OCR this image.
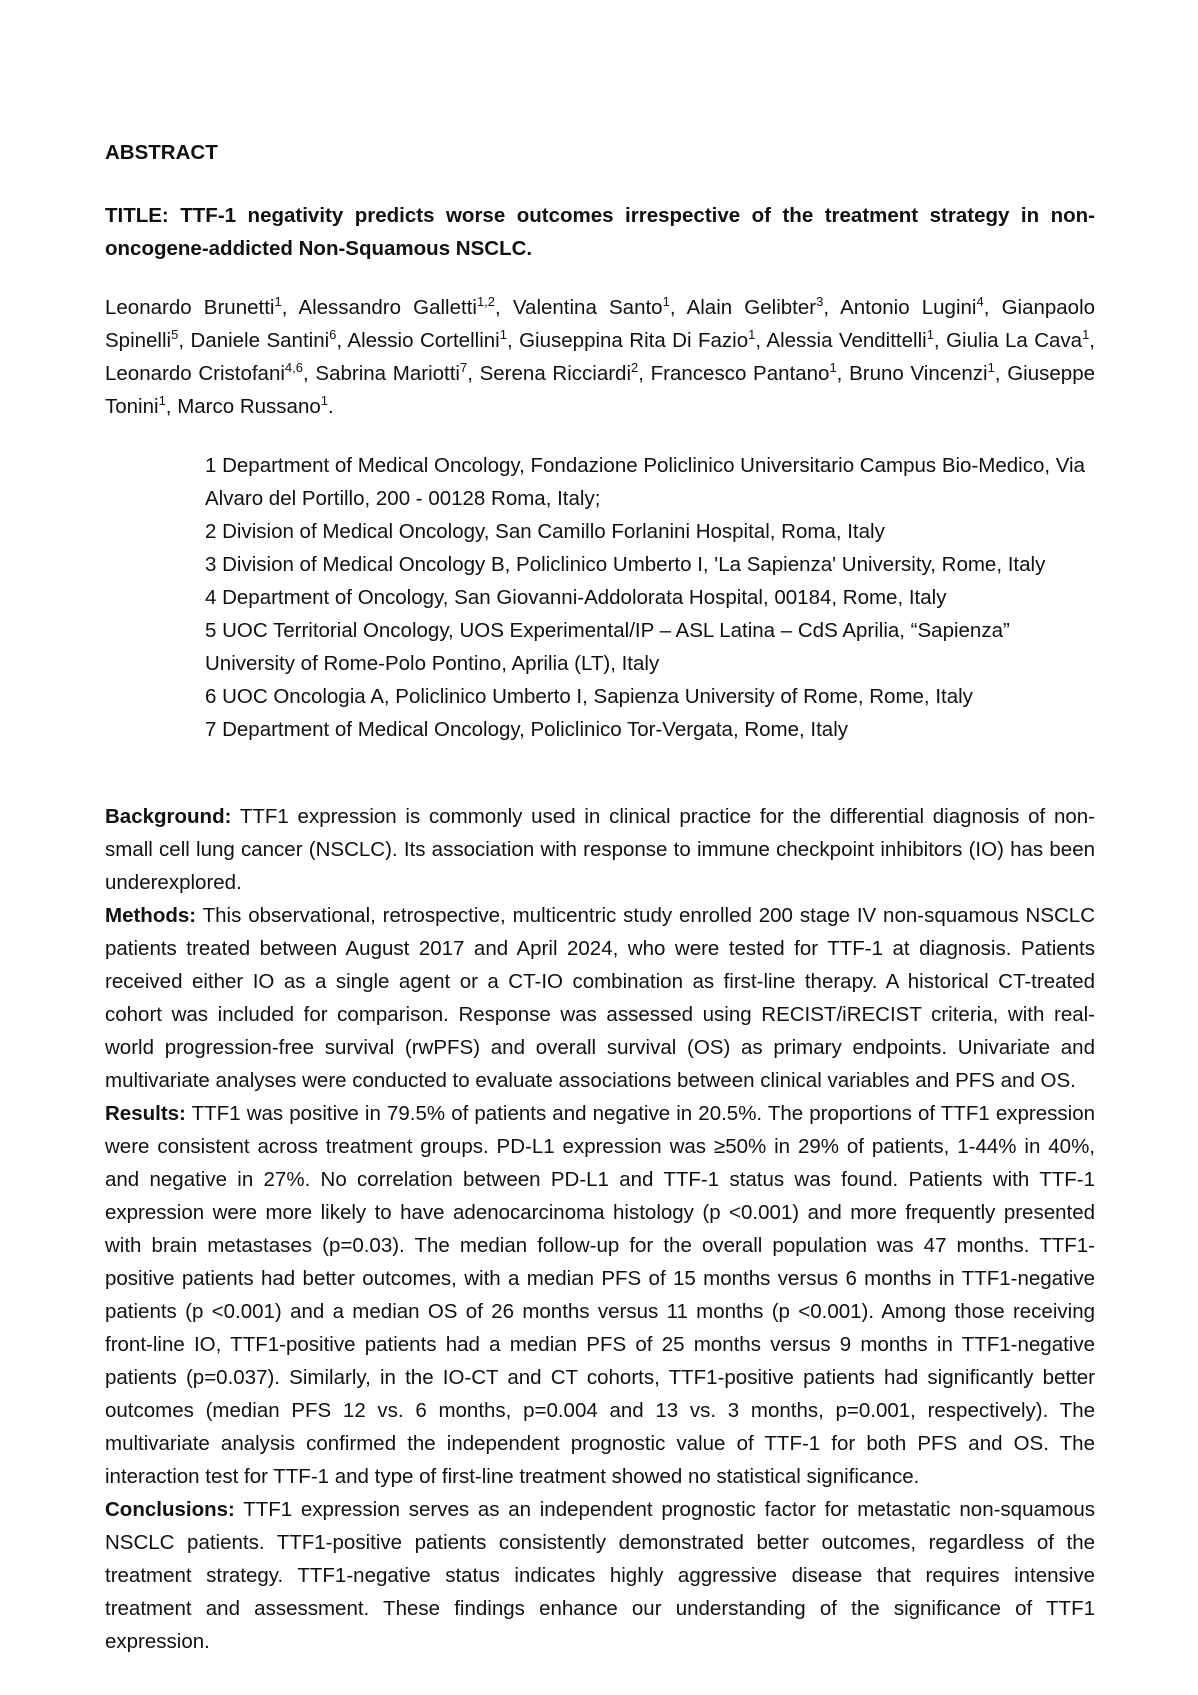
ABSTRACT

TITLE: TTF-1 negativity predicts worse outcomes irrespective of the treatment strategy in non-oncogene-addicted Non-Squamous NSCLC.

Leonardo Brunetti$^1$, Alessandro Galletti$^{1,2}$, Valentina Santo$^1$, Alain Gelibter$^3$, Antonio Lugini$^4$, Gianpaolo Spinelli$^5$, Daniele Santini$^6$, Alessio Cortellini$^1$, Giuseppina Rita Di Fazio$^1$, Alessia Vendittelli$^1$, Giulia La Cava$^1$, Leonardo Cristofani$^{4,6}$, Sabrina Mariotti$^7$, Serena Ricciardi$^2$, Francesco Pantano$^1$, Bruno Vincenzi$^1$, Giuseppe Tonini$^1$, Marco Russano$^1$.

1 Department of Medical Oncology, Fondazione Policlinico Universitario Campus Bio-Medico, Via Alvaro del Portillo, 200 - 00128 Roma, Italy;
2 Division of Medical Oncology, San Camillo Forlanini Hospital, Roma, Italy
3 Division of Medical Oncology B, Policlinico Umberto I, 'La Sapienza' University, Rome, Italy
4 Department of Oncology, San Giovanni-Addolorata Hospital, 00184, Rome, Italy
5 UOC Territorial Oncology, UOS Experimental/IP – ASL Latina – CdS Aprilia, “Sapienza” University of Rome-Polo Pontino, Aprilia (LT), Italy
6 UOC Oncologia A, Policlinico Umberto I, Sapienza University of Rome, Rome, Italy
7 Department of Medical Oncology, Policlinico Tor-Vergata, Rome, Italy

Background: TTF1 expression is commonly used in clinical practice for the differential diagnosis of non-small cell lung cancer (NSCLC). Its association with response to immune checkpoint inhibitors (IO) has been underexplored.

Methods: This observational, retrospective, multicentric study enrolled 200 stage IV non-squamous NSCLC patients treated between August 2017 and April 2024, who were tested for TTF-1 at diagnosis. Patients received either IO as a single agent or a CT-IO combination as first-line therapy. A historical CT-treated cohort was included for comparison. Response was assessed using RECIST/iRECIST criteria, with real-world progression-free survival (rwPFS) and overall survival (OS) as primary endpoints. Univariate and multivariate analyses were conducted to evaluate associations between clinical variables and PFS and OS.

Results: TTF1 was positive in 79.5% of patients and negative in 20.5%. The proportions of TTF1 expression were consistent across treatment groups. PD-L1 expression was ≥50% in 29% of patients, 1-44% in 40%, and negative in 27%. No correlation between PD-L1 and TTF-1 status was found. Patients with TTF-1 expression were more likely to have adenocarcinoma histology (p <0.001) and more frequently presented with brain metastases (p=0.03). The median follow-up for the overall population was 47 months. TTF1-positive patients had better outcomes, with a median PFS of 15 months versus 6 months in TTF1-negative patients (p <0.001) and a median OS of 26 months versus 11 months (p <0.001). Among those receiving front-line IO, TTF1-positive patients had a median PFS of 25 months versus 9 months in TTF1-negative patients (p=0.037). Similarly, in the IO-CT and CT cohorts, TTF1-positive patients had significantly better outcomes (median PFS 12 vs. 6 months, p=0.004 and 13 vs. 3 months, p=0.001, respectively). The multivariate analysis confirmed the independent prognostic value of TTF-1 for both PFS and OS. The interaction test for TTF-1 and type of first-line treatment showed no statistical significance.

Conclusions: TTF1 expression serves as an independent prognostic factor for metastatic non-squamous NSCLC patients. TTF1-positive patients consistently demonstrated better outcomes, regardless of the treatment strategy. TTF1-negative status indicates highly aggressive disease that requires intensive treatment and assessment. These findings enhance our understanding of the significance of TTF1 expression.
